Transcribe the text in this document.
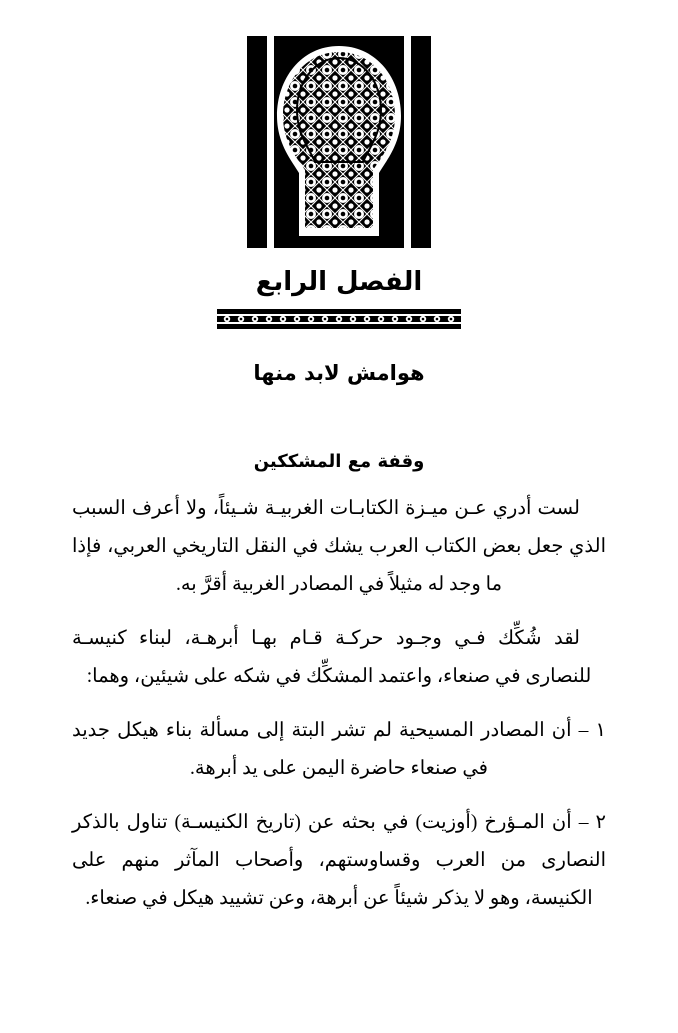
الفصل الرابع
هوامش لابد منها
وقفة مع المشككين

لست أدري عـن ميـزة الكتابـات الغربيـة شـيئاً، ولا أعرف السبب الذي جعل بعض الكتاب العرب يشك في النقل التاريخي العربي، فإذا ما وجد له مثيلاً في المصادر الغربية أقرَّ به.

لقد شُكِّك فـي وجـود حركـة قـام بهـا أبرهـة، لبناء كنيسـة للنصارى في صنعاء، واعتمد المشكِّك في شكه على شيئين، وهما:

١ – أن المصادر المسيحية لم تشر البتة إلى مسألة بناء هيكل جديد في صنعاء حاضرة اليمن على يد أبرهة.

٢ – أن المـؤرخ (أوزيت) في بحثه عن (تاريخ الكنيسـة) تناول بالذكر النصارى من العرب وقساوستهم، وأصحاب المآثر منهم على الكنيسة، وهو لا يذكر شيئاً عن أبرهة، وعن تشييد هيكل في صنعاء.
